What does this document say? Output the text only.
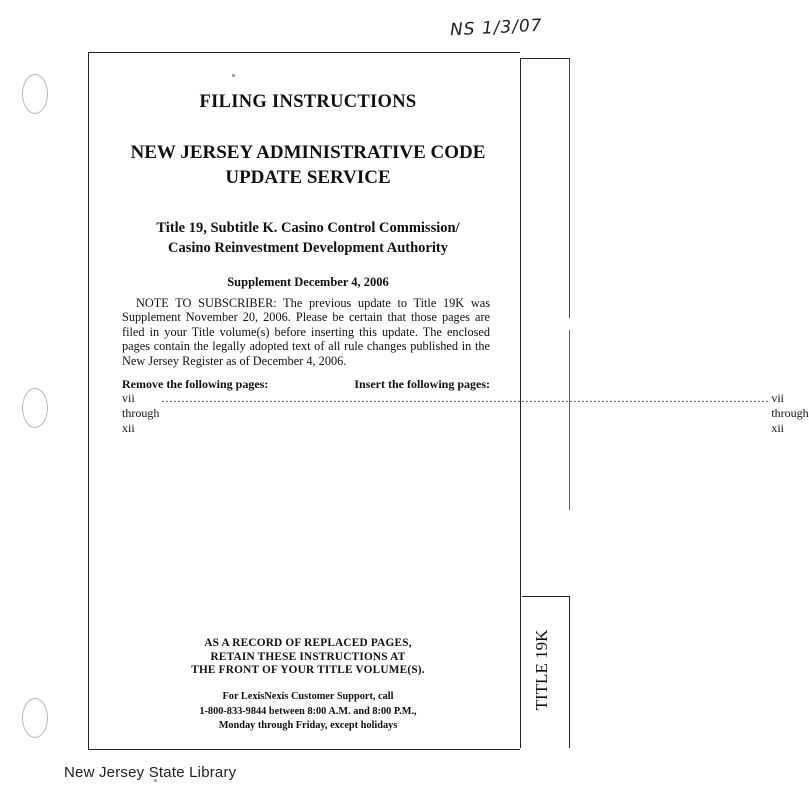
NS 1/3/07
TITLE 19K
FILING INSTRUCTIONS
NEW JERSEY ADMINISTRATIVE CODE
UPDATE SERVICE
Title 19, Subtitle K. Casino Control Commission/
Casino Reinvestment Development Authority
Supplement December 4, 2006
NOTE TO SUBSCRIBER: The previous update to Title 19K was Supplement November 20, 2006. Please be certain that those pages are filed in your Title volume(s) before inserting this update. The enclosed pages contain the legally adopted text of all rule changes published in the New Jersey Register as of December 4, 2006.
Remove the following pages:	Insert the following pages:
vii through xii
........................................................................................................................................................ vii through xii
AS A RECORD OF REPLACED PAGES,
RETAIN THESE INSTRUCTIONS AT
THE FRONT OF YOUR TITLE VOLUME(S).
For LexisNexis Customer Support, call
1-800-833-9844 between 8:00 A.M. and 8:00 P.M.,
Monday through Friday, except holidays
New Jersey State Library
